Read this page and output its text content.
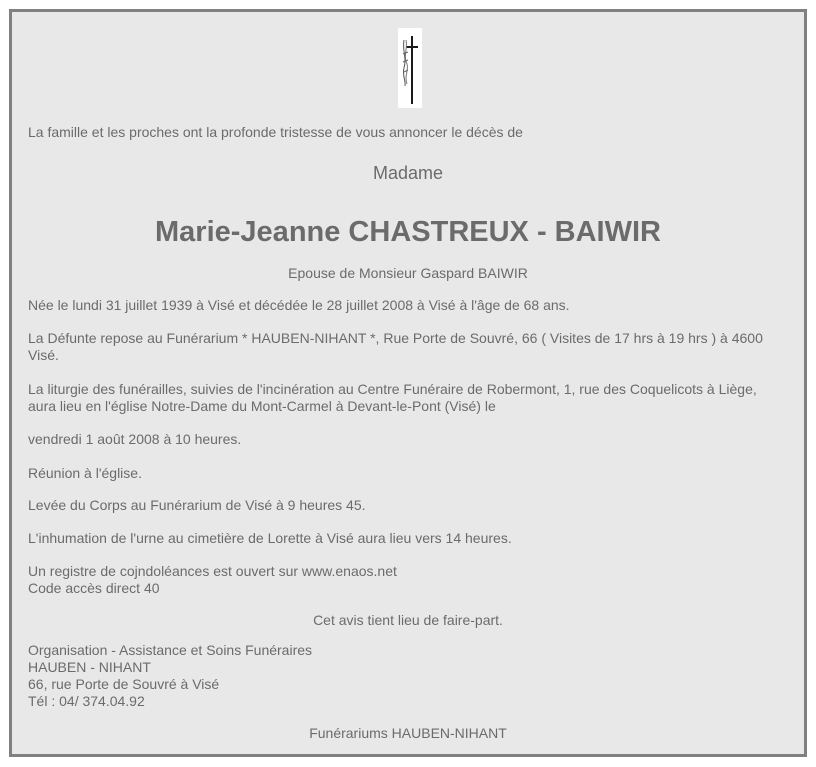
La famille et les proches ont la profonde tristesse de vous annoncer le décès de

Madame

Marie-Jeanne CHASTREUX - BAIWIR

Epouse de Monsieur Gaspard BAIWIR

Née le lundi 31 juillet 1939 à Visé et décédée le 28 juillet 2008 à Visé à l'âge de 68 ans.

La Défunte repose au Funérarium * HAUBEN-NIHANT *, Rue Porte de Souvré, 66 ( Visites de 17 hrs à 19 hrs ) à 4600

Visé.

La liturgie des funérailles, suivies de l'incinération au Centre Funéraire de Robermont, 1, rue des Coquelicots à Liège,

aura lieu en l'église Notre-Dame du Mont-Carmel à Devant-le-Pont (Visé) le

vendredi 1 août 2008 à 10 heures.

Réunion à l'église.

Levée du Corps au Funérarium de Visé à 9 heures 45.

L'inhumation de l'urne au cimetière de Lorette à Visé aura lieu vers 14 heures.

Un registre de cojndoléances est ouvert sur www.enaos.net

Code accès direct 40

Cet avis tient lieu de faire-part.

Organisation - Assistance et Soins Funéraires

HAUBEN - NIHANT

66, rue Porte de Souvré à Visé

Tél : 04/ 374.04.92

Funérariums HAUBEN-NIHANT
